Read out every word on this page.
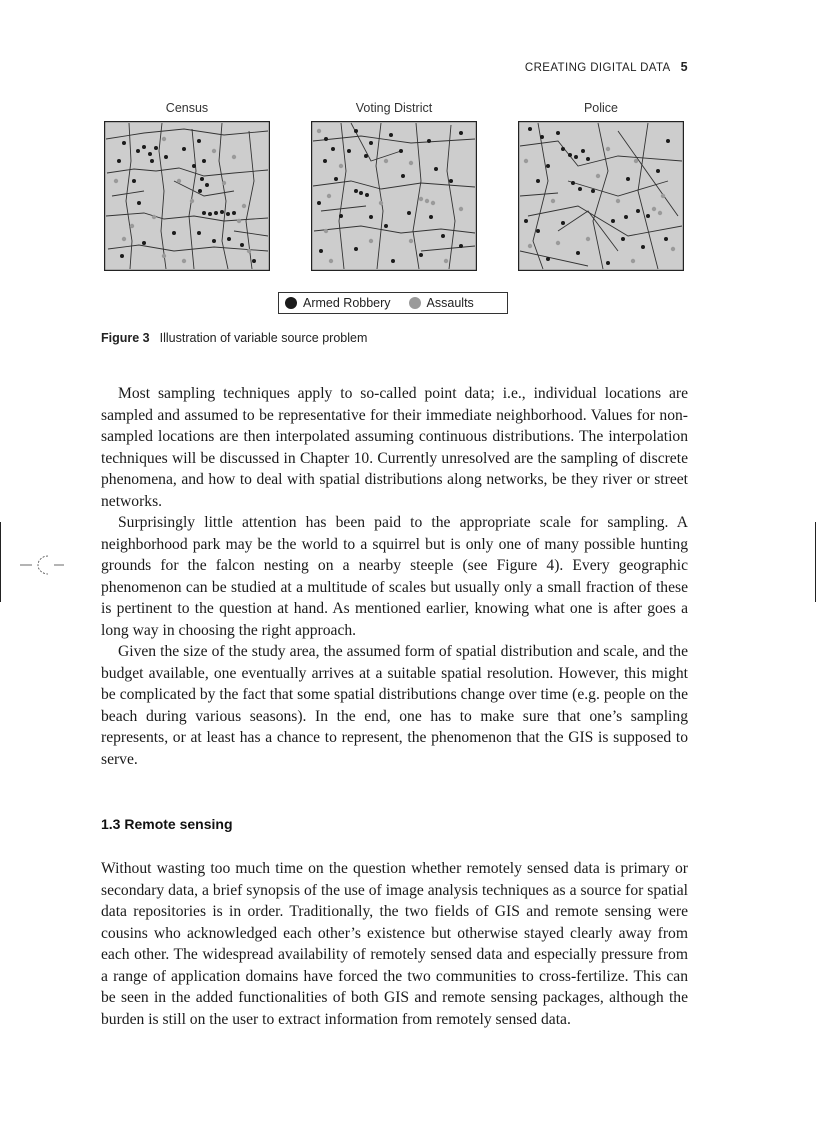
CREATING DIGITAL DATA 5
Census	Voting District	Police
Armed Robbery	Assaults
Figure 3 Illustration of variable source problem

Most sampling techniques apply to so-called point data; i.e., individual locations are sampled and assumed to be representative for their immediate neighborhood. Values for non-sampled locations are then interpolated assuming continuous distributions. The interpolation techniques will be discussed in Chapter 10. Currently unresolved are the sampling of discrete phenomena, and how to deal with spatial distributions along networks, be they river or street networks.

Surprisingly little attention has been paid to the appropriate scale for sampling. A neighborhood park may be the world to a squirrel but is only one of many possible hunting grounds for the falcon nesting on a nearby steeple (see Figure 4). Every geographic phenomenon can be studied at a multitude of scales but usually only a small fraction of these is pertinent to the question at hand. As mentioned earlier, knowing what one is after goes a long way in choosing the right approach.

Given the size of the study area, the assumed form of spatial distribution and scale, and the budget available, one eventually arrives at a suitable spatial resolution. However, this might be complicated by the fact that some spatial distributions change over time (e.g. people on the beach during various seasons). In the end, one has to make sure that one’s sampling represents, or at least has a chance to represent, the phenomenon that the GIS is supposed to serve.

1.3 Remote sensing

Without wasting too much time on the question whether remotely sensed data is primary or secondary data, a brief synopsis of the use of image analysis techniques as a source for spatial data repositories is in order. Traditionally, the two fields of GIS and remote sensing were cousins who acknowledged each other’s existence but otherwise stayed clearly away from each other. The widespread availability of remotely sensed data and especially pressure from a range of application domains have forced the two communities to cross-fertilize. This can be seen in the added functionalities of both GIS and remote sensing packages, although the burden is still on the user to extract information from remotely sensed data.
